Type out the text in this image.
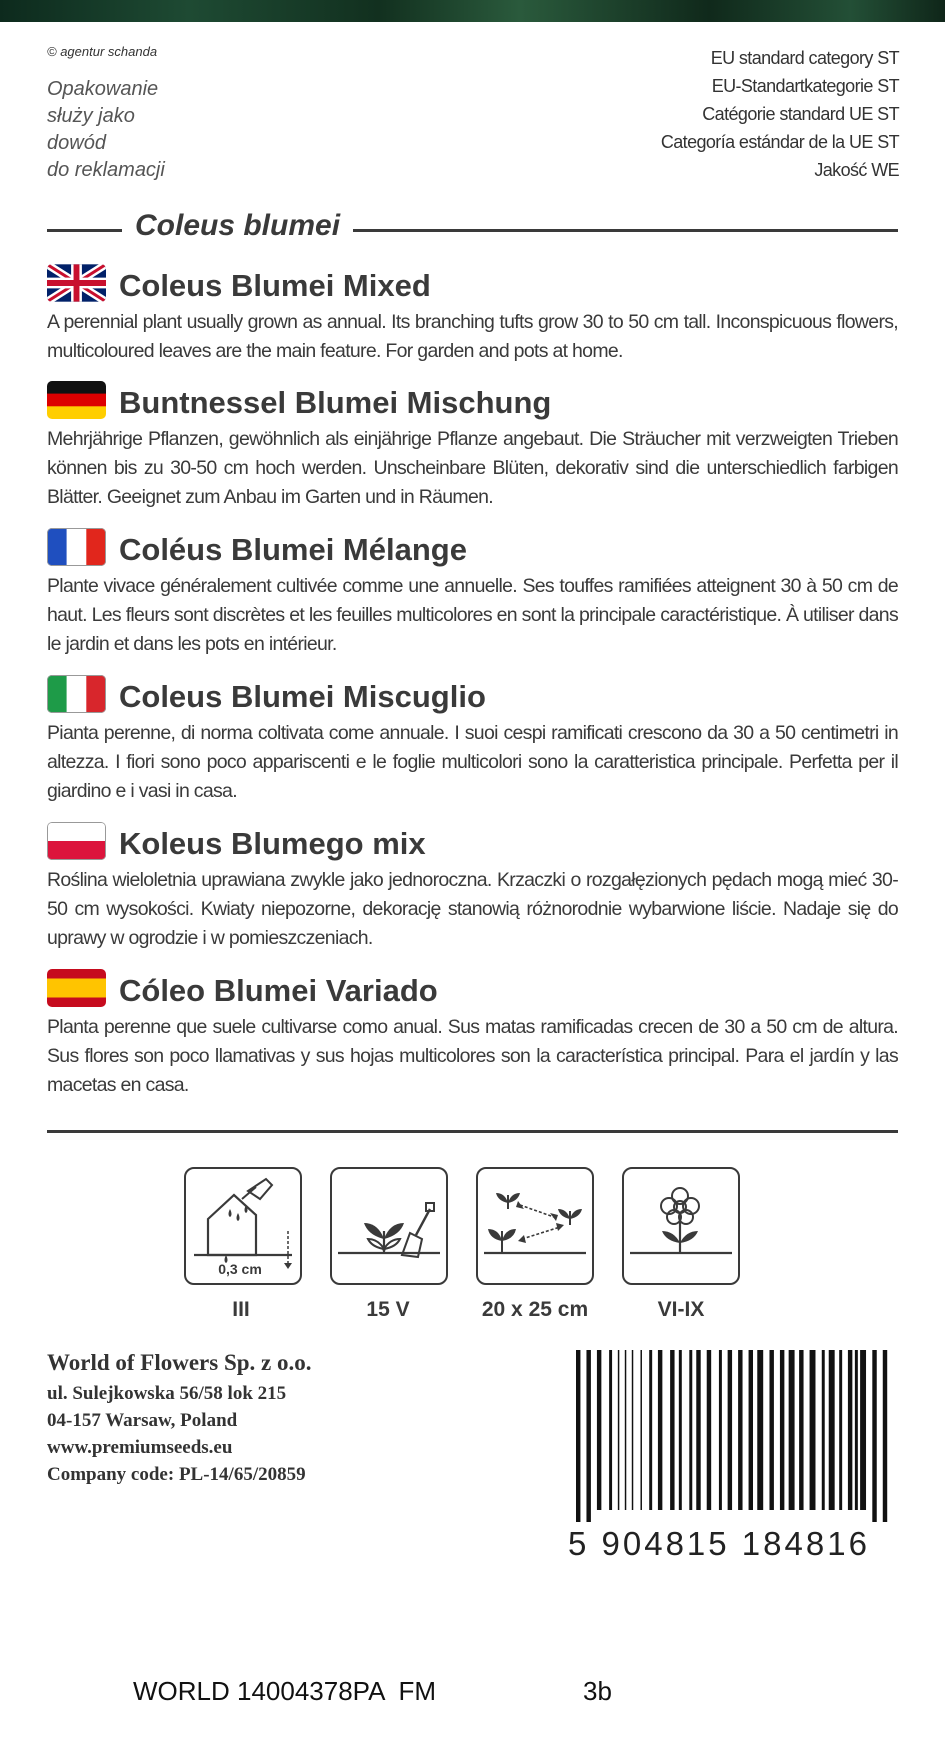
© agentur schanda
Opakowanie
służy jako
dowód
do reklamacji
EU standard category ST
EU-Standartkategorie ST
Catégorie standard UE ST
Categoría estándar de la UE ST
Jakość WE
Coleus blumei
Coleus Blumei Mixed
A perennial plant usually grown as annual. Its branching tufts grow 30 to 50 cm tall. Inconspicuous flowers, multicoloured leaves are the main feature. For garden and pots at home.
Buntnessel Blumei Mischung
Mehrjährige Pflanzen, gewöhnlich als einjährige Pflanze angebaut. Die Sträucher mit verzweigten Trieben können bis zu 30-50 cm hoch werden. Unscheinbare Blüten, dekorativ sind die unterschiedlich farbigen Blätter. Geeignet zum Anbau im Garten und in Räumen.
Coléus Blumei Mélange
Plante vivace généralement cultivée comme une annuelle. Ses touffes ramifiées atteignent 30 à 50 cm de haut. Les fleurs sont discrètes et les feuilles multicolores en sont la principale caractéristique. À utiliser dans le jardin et dans les pots en intérieur.
Coleus Blumei Miscuglio
Pianta perenne, di norma coltivata come annuale. I suoi cespi ramificati crescono da 30 a 50 centimetri in altezza. I fiori sono poco appariscenti e le foglie multicolori sono la caratteristica principale. Perfetta per il giardino e i vasi in casa.
Koleus Blumego mix
Roślina wieloletnia uprawiana zwykle jako jednoroczna. Krzaczki o rozgałęzionych pędach mogą mieć 30-50 cm wysokości. Kwiaty niepozorne, dekorację stanowią różnorodnie wybarwione liście. Nadaje się do uprawy w ogrodzie i w pomieszczeniach.
Cóleo Blumei Variado
Planta perenne que suele cultivarse como anual. Sus matas ramificadas crecen de 30 a 50 cm de altura. Sus flores son poco llamativas y sus hojas multicolores son la característica principal. Para el jardín y las macetas en casa.
0,3 cm
III	15 V	20 x 25 cm	VI-IX
World of Flowers Sp. z o.o.
ul. Sulejkowska 56/58 lok 215
04-157 Warsaw, Poland
www.premiumseeds.eu
Company code: PL-14/65/20859
5 904815 184816
WORLD 14004378PA  FM	3b
